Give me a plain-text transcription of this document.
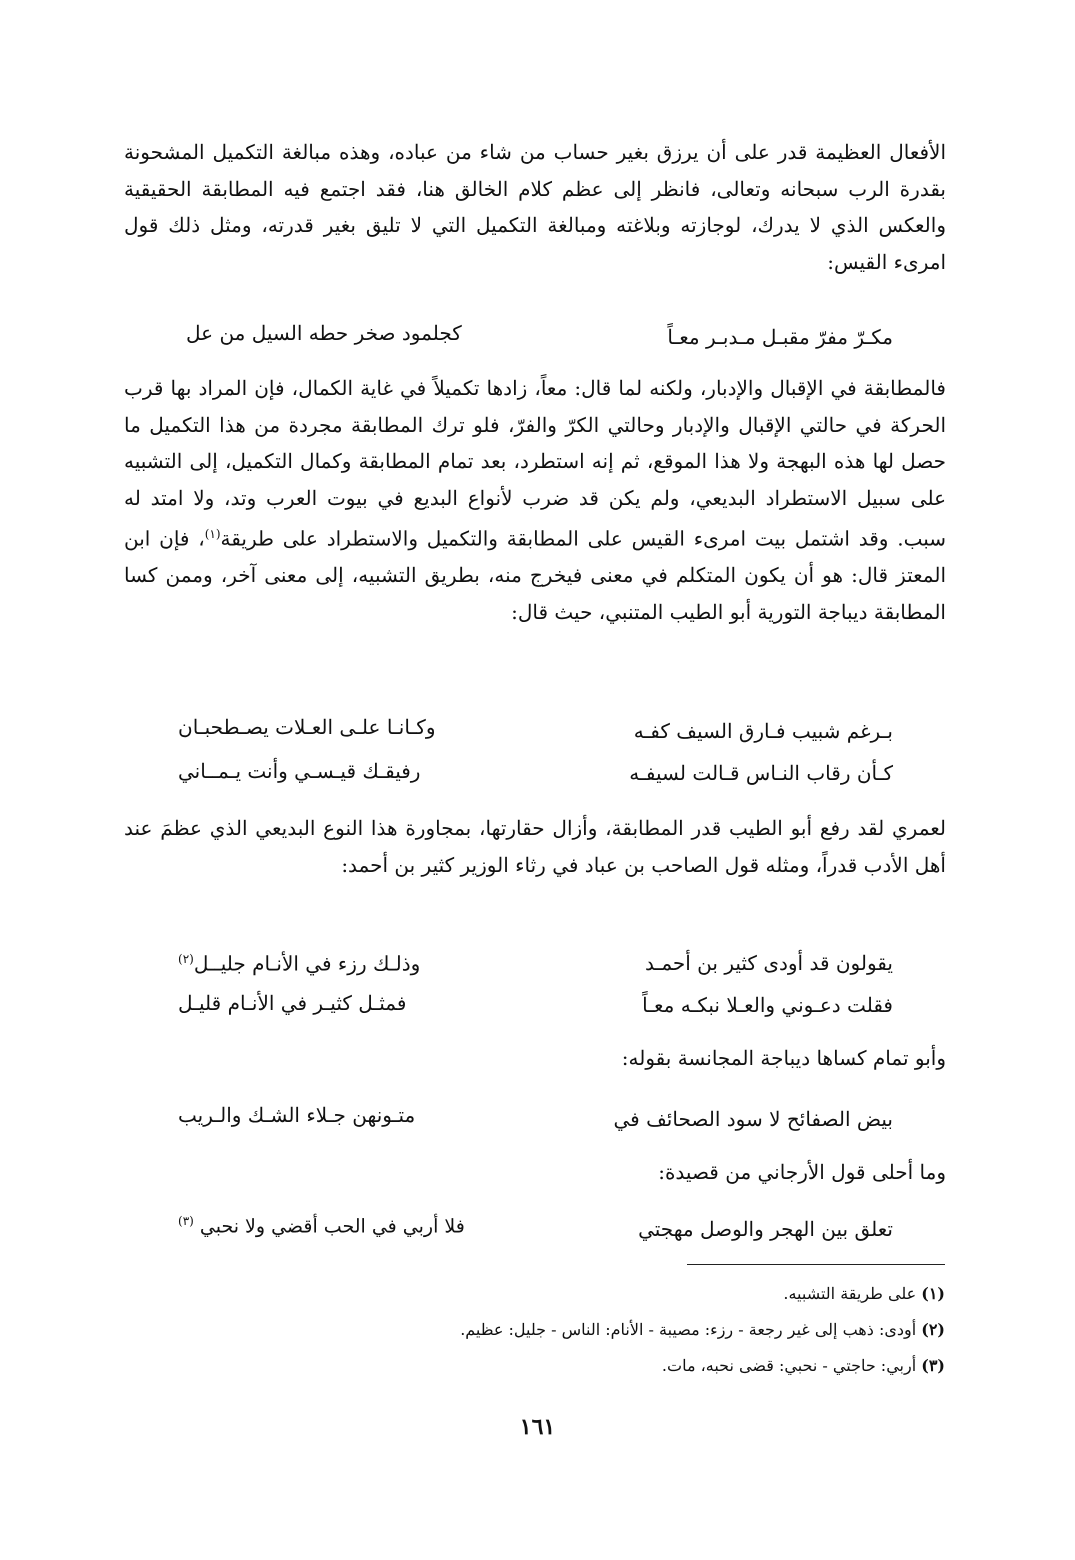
الأفعال العظيمة قدر على أن يرزق بغير حساب من شاء من عباده، وهذه مبالغة التكميل المشحونة بقدرة الرب سبحانه وتعالى، فانظر إلى عظم كلام الخالق هنا، فقد اجتمع فيه المطابقة الحقيقية والعكس الذي لا يدرك، لوجازته وبلاغته ومبالغة التكميل التي لا تليق بغير قدرته، ومثل ذلك قول امرىء القيس:

مكـرّ مفرّ مقبـل مـدبـر معـاً
كجلمود صخر حطه السيل من عل

فالمطابقة في الإقبال والإدبار، ولكنه لما قال: معاً، زادها تكميلاً في غاية الكمال، فإن المراد بها قرب الحركة في حالتي الإقبال والإدبار وحالتي الكرّ والفرّ، فلو ترك المطابقة مجردة من هذا التكميل ما حصل لها هذه البهجة ولا هذا الموقع، ثم إنه استطرد، بعد تمام المطابقة وكمال التكميل، إلى التشبيه على سبيل الاستطراد البديعي، ولم يكن قد ضرب لأنواع البديع في بيوت العرب وتد، ولا امتد له سبب. وقد اشتمل بيت امرىء القيس على المطابقة والتكميل والاستطراد على طريقة$^{(١)}$، فإن ابن المعتز قال: هو أن يكون المتكلم في معنى فيخرج منه، بطريق التشبيه، إلى معنى آخر، وممن كسا المطابقة ديباجة التورية أبو الطيب المتنبي، حيث قال:

بـرغم شبيب فـارق السيف كفـه
وكـانـا علـى العـلات يصـطحبـان
كـأن رقاب النـاس قـالت لسيفـه
رفيقـك قيـسـي وأنت يـمــاني

لعمري لقد رفع أبو الطيب قدر المطابقة، وأزال حقارتها، بمجاورة هذا النوع البديعي الذي عظمَ عند أهل الأدب قدراً، ومثله قول الصاحب بن عباد في رثاء الوزير كثير بن أحمد:

يقولون قد أودى كثير بن أحمـد
وذلـك رزء في الأنـام جليــل$^{(٢)}$
فقلت دعـوني والعـلا نبكـه معـاً
فمثـل كثيـر في الأنـام قليـل

وأبو تمام كساها ديباجة المجانسة بقوله:

بيض الصفائح لا سود الصحائف في
متـونهن جـلاء الشـك والـريب

وما أحلى قول الأرجاني من قصيدة:

تعلق بين الهجر والوصل مهجتي
فلا أربي في الحب أقضي ولا نحبي $^{(٣)}$
(١) على طريقة التشبيه.
(٢) أودى: ذهب إلى غير رجعة - رزء: مصيبة - الأنام: الناس - جليل: عظيم.
(٣) أربي: حاجتي - نحبي: قضى نحبه، مات.
١٦١
